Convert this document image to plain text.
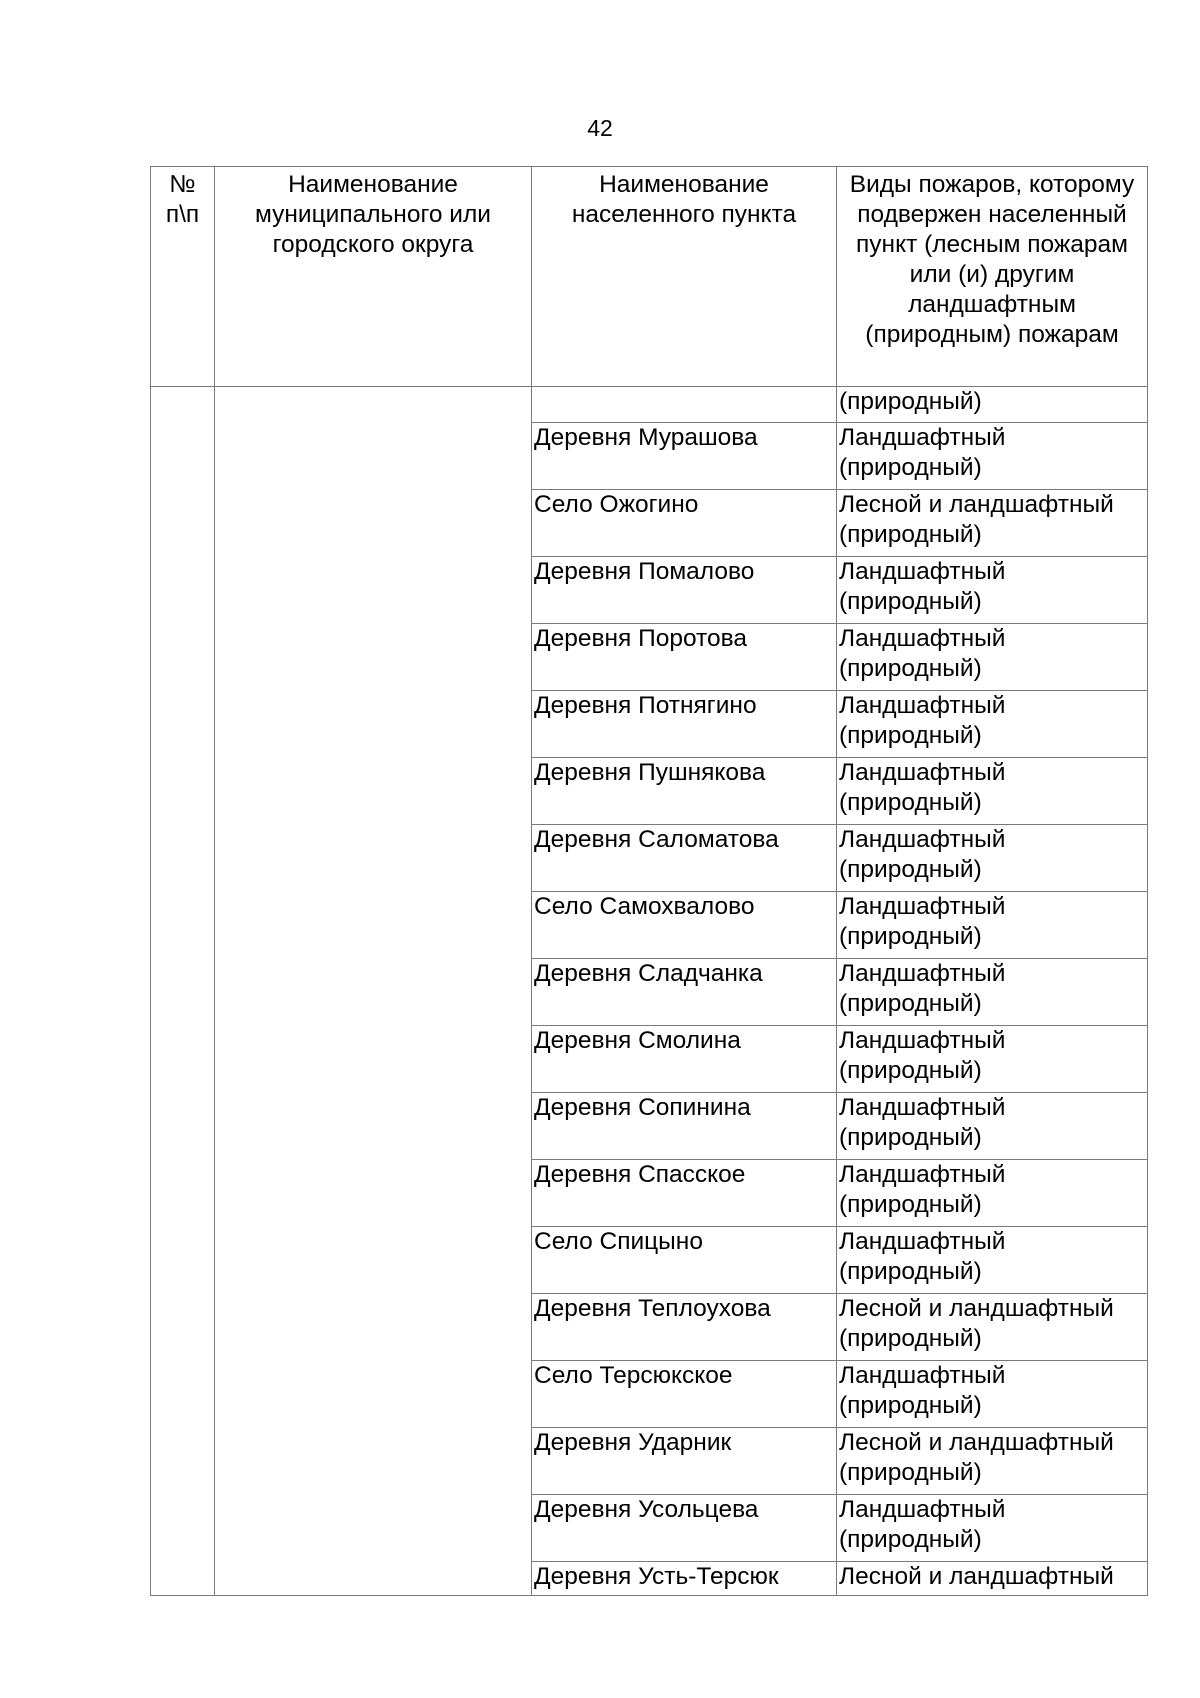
42
№ п\п	Наименование муниципального или городского округа	Наименование населенного пункта	Виды пожаров, которому подвержен населенный пункт (лесным пожарам или (и) другим ландшафтным (природным) пожарам

			(природный)

		Деревня Мурашова	Ландшафтный
(природный)

		Село Ожогино	Лесной и ландшафтный
(природный)

		Деревня Помалово	Ландшафтный
(природный)

		Деревня Поротова	Ландшафтный
(природный)

		Деревня Потнягино	Ландшафтный
(природный)

		Деревня Пушнякова	Ландшафтный
(природный)

		Деревня Саломатова	Ландшафтный
(природный)

		Село Самохвалово	Ландшафтный
(природный)

		Деревня Сладчанка	Ландшафтный
(природный)

		Деревня Смолина	Ландшафтный
(природный)

		Деревня Сопинина	Ландшафтный
(природный)

		Деревня Спасское	Ландшафтный
(природный)

		Село Спицыно	Ландшафтный
(природный)

		Деревня Теплоухова	Лесной и ландшафтный
(природный)

		Село Терсюкское	Ландшафтный
(природный)

		Деревня Ударник	Лесной и ландшафтный
(природный)

		Деревня Усольцева	Ландшафтный
(природный)

		Деревня Усть-Терсюк	Лесной и ландшафтный
